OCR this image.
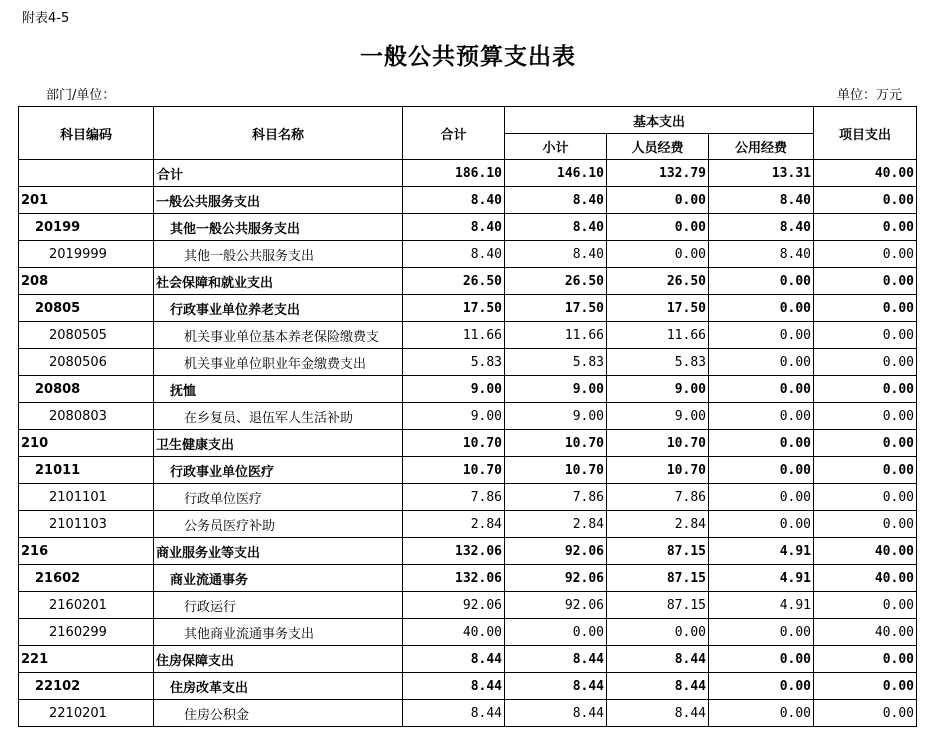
附表4-5
一般公共预算支出表
部门/单位：	单位：万元
科目编码	科目名称	合计	基本支出			项目支出
			小计	人员经费	公用经费	
	合计	186.10	146.10	132.79	13.31	40.00
201	一般公共服务支出	8.40	8.40	0.00	8.40	0.00
20199	其他一般公共服务支出	8.40	8.40	0.00	8.40	0.00
2019999	其他一般公共服务支出	8.40	8.40	0.00	8.40	0.00
208	社会保障和就业支出	26.50	26.50	26.50	0.00	0.00
20805	行政事业单位养老支出	17.50	17.50	17.50	0.00	0.00
2080505	机关事业单位基本养老保险缴费支	11.66	11.66	11.66	0.00	0.00
2080506	机关事业单位职业年金缴费支出	5.83	5.83	5.83	0.00	0.00
20808	抚恤	9.00	9.00	9.00	0.00	0.00
2080803	在乡复员、退伍军人生活补助	9.00	9.00	9.00	0.00	0.00
210	卫生健康支出	10.70	10.70	10.70	0.00	0.00
21011	行政事业单位医疗	10.70	10.70	10.70	0.00	0.00
2101101	行政单位医疗	7.86	7.86	7.86	0.00	0.00
2101103	公务员医疗补助	2.84	2.84	2.84	0.00	0.00
216	商业服务业等支出	132.06	92.06	87.15	4.91	40.00
21602	商业流通事务	132.06	92.06	87.15	4.91	40.00
2160201	行政运行	92.06	92.06	87.15	4.91	0.00
2160299	其他商业流通事务支出	40.00	0.00	0.00	0.00	40.00
221	住房保障支出	8.44	8.44	8.44	0.00	0.00
22102	住房改革支出	8.44	8.44	8.44	0.00	0.00
2210201	住房公积金	8.44	8.44	8.44	0.00	0.00
